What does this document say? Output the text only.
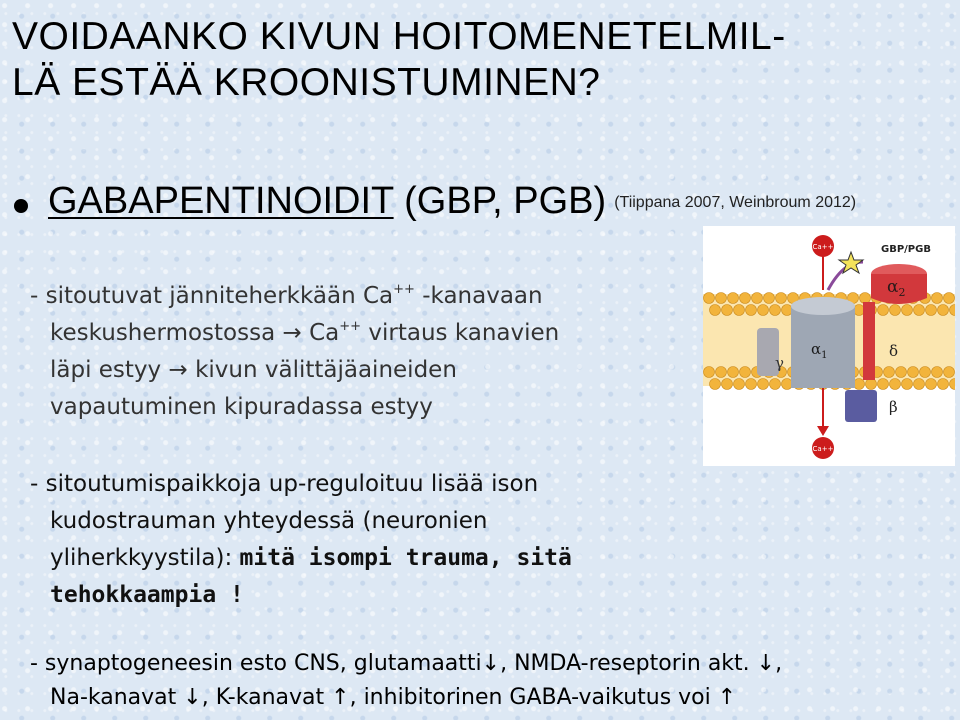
VOIDAANKO KIVUN HOITOMENETELMIL-
LÄ ESTÄÄ KROONISTUMINEN?
GABAPENTINOIDIT (GBP, PGB) (Tiippana 2007, Weinbroum 2012)
- sitoutuvat jänniteherkkään Ca++ -kanavaan
keskushermostossa → Ca++ virtaus kanavien
läpi estyy → kivun välittäjäaineiden
vapautuminen kipuradassa estyy
- sitoutumispaikkoja up-reguloituu lisää ison
kudostrauman yhteydessä (neuronien
yliherkkyystila): mitä isompi trauma, sitä
tehokkaampia !
- synaptogeneesin esto CNS, glutamaatti↓, NMDA-reseptorin akt. ↓,
Na-kanavat ↓, K-kanavat ↑, inhibitorinen GABA-vaikutus voi ↑
Ca++
Ca++
GBP/PGB
$\alpha_2$
δ
$\alpha_1$
γ
β
